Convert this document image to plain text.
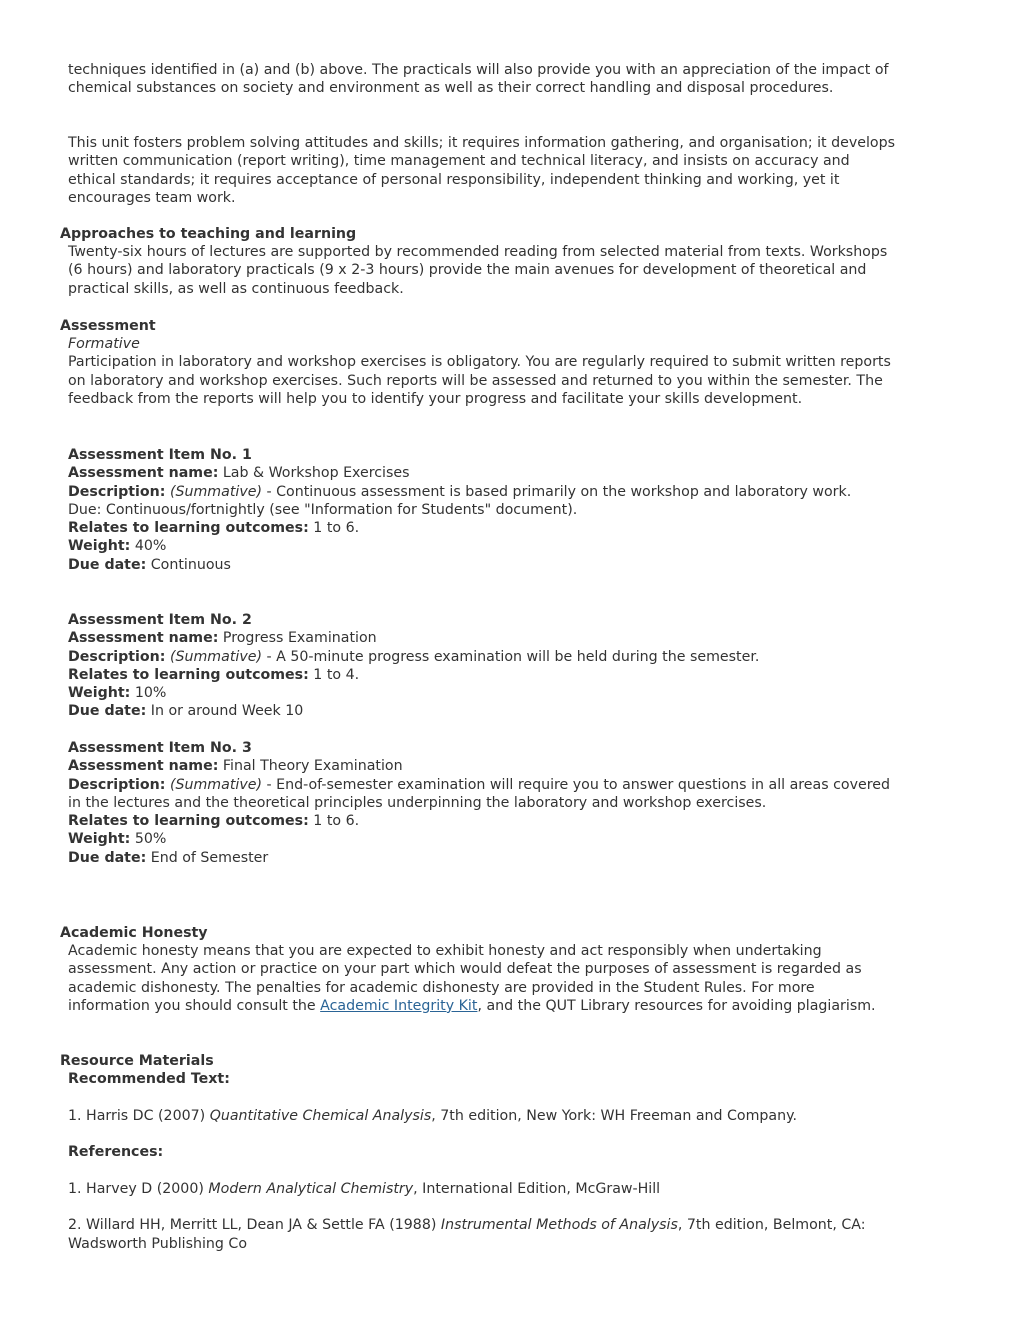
techniques identified in (a) and (b) above. The practicals will also provide you with an appreciation of the impact of chemical substances on society and environment as well as their correct handling and disposal procedures.

This unit fosters problem solving attitudes and skills; it requires information gathering, and organisation; it develops written communication (report writing), time management and technical literacy, and insists on accuracy and ethical standards; it requires acceptance of personal responsibility, independent thinking and working, yet it encourages team work.

Approaches to teaching and learning

Twenty-six hours of lectures are supported by recommended reading from selected material from texts. Workshops (6 hours) and laboratory practicals (9 x 2-3 hours) provide the main avenues for development of theoretical and practical skills, as well as continuous feedback.

Assessment

Formative

Participation in laboratory and workshop exercises is obligatory. You are regularly required to submit written reports on laboratory and workshop exercises. Such reports will be assessed and returned to you within the semester. The feedback from the reports will help you to identify your progress and facilitate your skills development.

Assessment Item No. 1

Assessment name: Lab & Workshop Exercises

Description: (Summative) - Continuous assessment is based primarily on the workshop and laboratory work.

Due: Continuous/fortnightly (see "Information for Students" document).

Relates to learning outcomes: 1 to 6.

Weight: 40%

Due date: Continuous

Assessment Item No. 2

Assessment name: Progress Examination

Description: (Summative) - A 50-minute progress examination will be held during the semester.

Relates to learning outcomes: 1 to 4.

Weight: 10%

Due date: In or around Week 10

Assessment Item No. 3

Assessment name: Final Theory Examination

Description: (Summative) - End-of-semester examination will require you to answer questions in all areas covered in the lectures and the theoretical principles underpinning the laboratory and workshop exercises.

Relates to learning outcomes: 1 to 6.

Weight: 50%

Due date: End of Semester

Academic Honesty

Academic honesty means that you are expected to exhibit honesty and act responsibly when undertaking assessment. Any action or practice on your part which would defeat the purposes of assessment is regarded as academic dishonesty. The penalties for academic dishonesty are provided in the Student Rules. For more information you should consult the Academic Integrity Kit, and the QUT Library resources for avoiding plagiarism.

Resource Materials

Recommended Text:

1. Harris DC (2007) Quantitative Chemical Analysis, 7th edition, New York: WH Freeman and Company.

References:

1. Harvey D (2000) Modern Analytical Chemistry, International Edition, McGraw-Hill

2. Willard HH, Merritt LL, Dean JA & Settle FA (1988) Instrumental Methods of Analysis, 7th edition, Belmont, CA: Wadsworth Publishing Co
